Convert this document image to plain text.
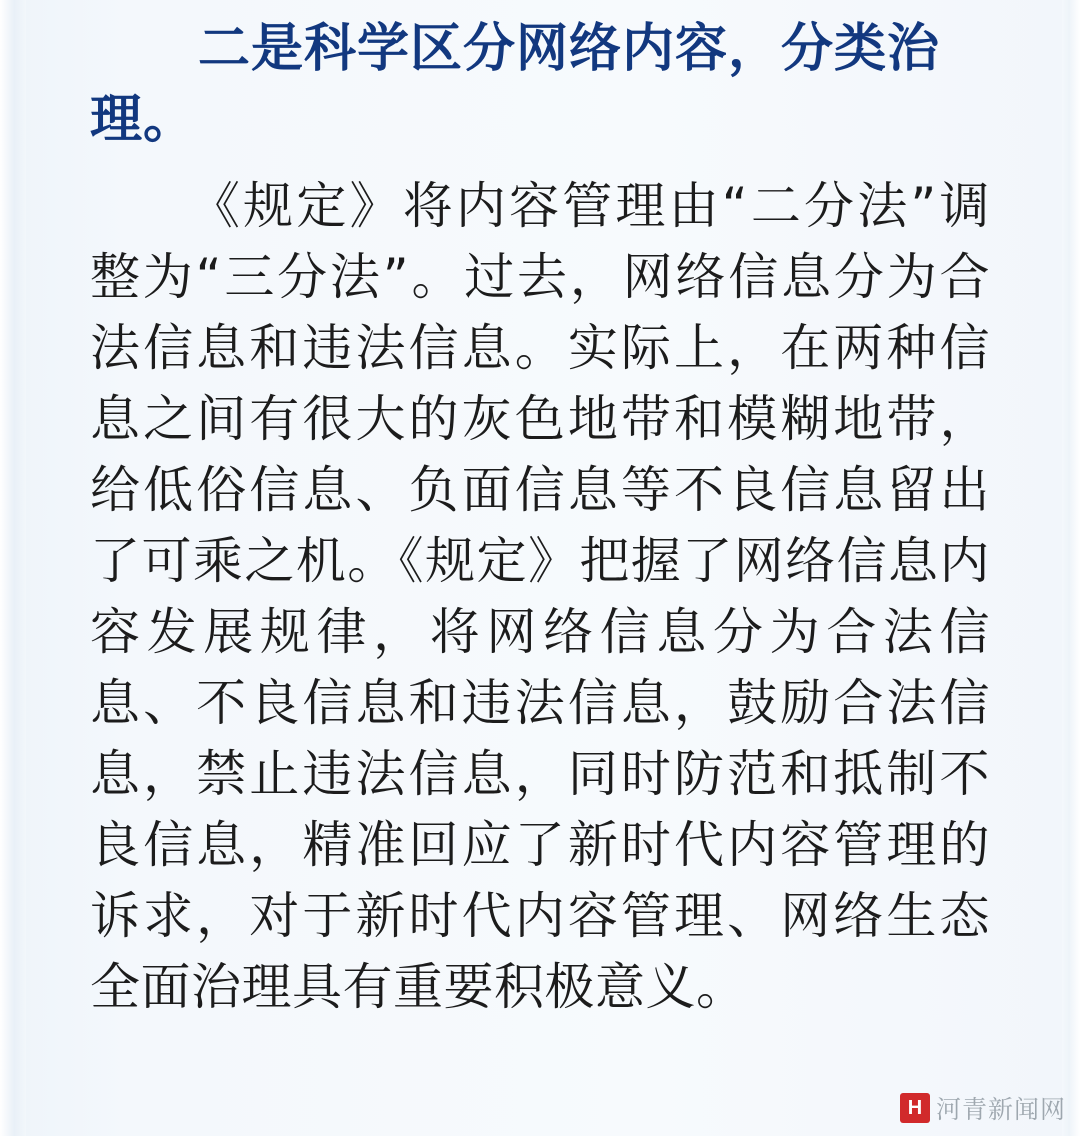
二是科学区分网络内容，分类治理。

《规定》将内容管理由“二分法”调整为“三分法”。过去，网络信息分为合法信息和违法信息。实际上，在两种信息之间有很大的灰色地带和模糊地带，给低俗信息、负面信息等不良信息留出了可乘之机。《规定》把握了网络信息内容发展规律，将网络信息分为合法信息、不良信息和违法信息，鼓励合法信息，禁止违法信息，同时防范和抵制不良信息，精准回应了新时代内容管理的诉求，对于新时代内容管理、网络生态全面治理具有重要积极意义。

H 河青新闻网
